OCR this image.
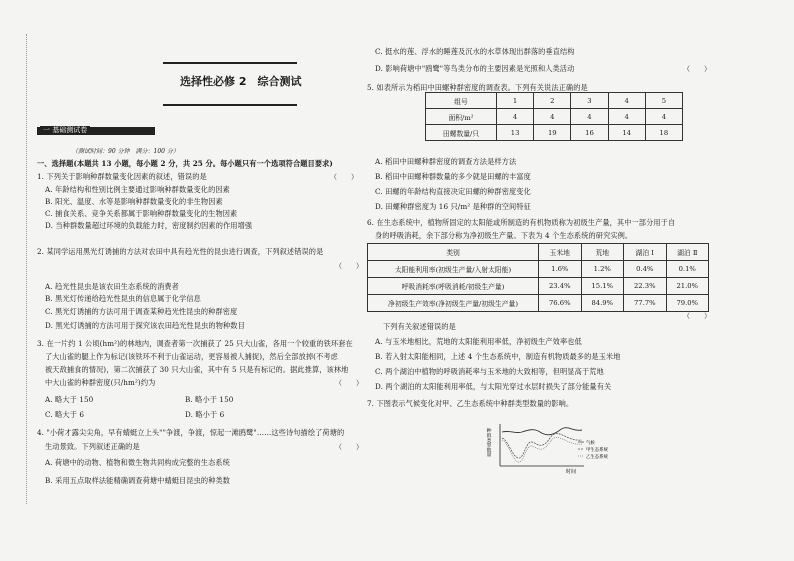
选择性必修 2　综合测试
一 基础测试卷
（测试时间：90 分钟　满分：100 分）
一、选择题(本题共 13 小题，每小题 2 分，共 25 分。每小题只有一个选项符合题目要求)
1. 下列关于影响种群数量变化因素的叙述，错误的是	（　　）
A. 年龄结构和性别比例主要通过影响种群数量变化的因素
B. 阳光、温度、水等是影响种群数量变化的非生物因素
C. 捕食关系、竞争关系都属于影响种群数量变化的生物因素
D. 当种群数量超过环境的负载能力时，密度制约因素的作用增强
2. 某同学运用黑光灯诱捕的方法对农田中具有趋光性的昆虫进行调查，下列叙述错误的是
（　　）
A. 趋光性昆虫是该农田生态系统的消费者
B. 黑光灯传递给趋光性昆虫的信息属于化学信息
C. 黑光灯诱捕的方法可用于调查某种趋光性昆虫的种群密度
D. 黑光灯诱捕的方法可用于探究该农田趋光性昆虫的物种数目
3. 在一片约 1 公顷(hm²)的林地内，调查者第一次捕获了 25 只大山雀，各用一个较重的铁环套在
了大山雀的腿上作为标记(该铁环不利于山雀运动，更容易被人捕捉)，然后全部放掉(不考虑
被天敌捕食的情况)，第二次捕获了 30 只大山雀，其中有 5 只是有标记的。据此推算，该林地
中大山雀的种群密度(只/hm²)约为	（　　）
A. 略大于 150	B. 略小于 150
C. 略大于 6	D. 略小于 6
4. "小荷才露尖尖角，早有蜻蜓立上头""争渡，争渡，惊起一滩鸥鹭"……这些诗句描绘了荷塘的
生动景致。下列叙述正确的是	（　　）
A. 荷塘中的动物、植物和微生物共同构成完整的生态系统
B. 采用五点取样法能精确调查荷塘中蜻蜓目昆虫的种类数
C. 挺水的莲、浮水的睡莲及沉水的水草体现出群落的垂直结构
D. 影响荷塘中"鸥鹭"等鸟类分布的主要因素是光照和人类活动	（　　）
5. 如表所示为稻田中田螺种群密度的调查表。下列有关说法正确的是
组号	1	2	3	4	5
面积/m²	4	4	4	4	4
田螺数量/只	13	19	16	14	18
A. 稻田中田螺种群密度的调查方法是样方法
B. 稻田中田螺种群数量的多少就是田螺的丰富度
C. 田螺的年龄结构直接决定田螺的种群密度变化
D. 田螺种群密度为 16 只/m² 是种群的空间特征
6. 在生态系统中，植物所固定的太阳能或所制造的有机物质称为初级生产量，其中一部分用于自
身的呼吸消耗，余下部分称为净初级生产量。下表为 4 个生态系统的研究实例。
类别	玉米地	荒地	湖泊 Ⅰ	湖泊 Ⅱ
太阳能利用率(初级生产量/入射太阳能)	1.6%	1.2%	0.4%	0.1%
呼吸消耗率(呼吸消耗/初级生产量)	23.4%	15.1%	22.3%	21.0%
净初级生产效率(净初级生产量/初级生产量)	76.6%	84.9%	77.7%	79.0%
（　　）
下列有关叙述错误的是
A. 与玉米地相比，荒地的太阳能利用率低，净初级生产效率也低
B. 若入射太阳能相同，上述 4 个生态系统中，制造有机物质最多的是玉米地
C. 两个湖泊中植物的呼吸消耗率与玉米地的大致相等，但明显高于荒地
D. 两个湖泊的太阳能利用率低，与太阳光穿过水层时损失了部分能量有关
7. 下图表示气候变化对甲、乙生态系统中种群类型数量的影响。
种群类型数量
时间
气候
甲生态系统
乙生态系统
